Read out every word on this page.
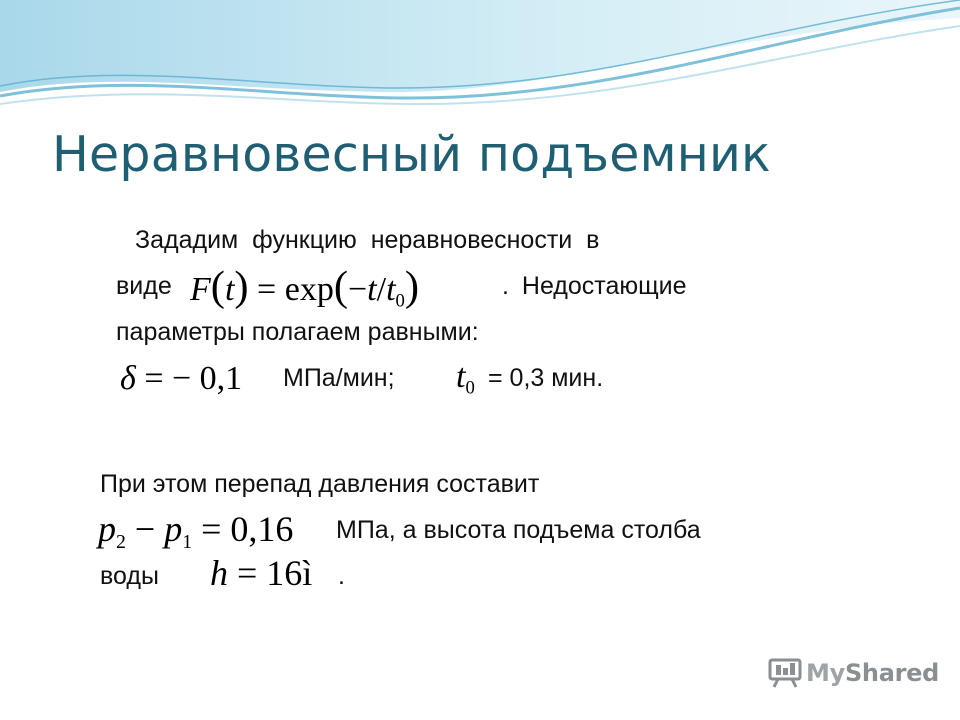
Неравновесный подъемник
Зададим функцию неравновесности в
виде $F(t) = \exp(-t/t_0)$	. Недостающие
параметры полагаем равными:
δ = − 0,1 МПа/мин; $t_0 = 0,3$ мин.
При этом перепад давления составит
$p_2 - p_1 = 0,16$ МПа, а высота подъема столба
воды h = 16ì .
MyShared
